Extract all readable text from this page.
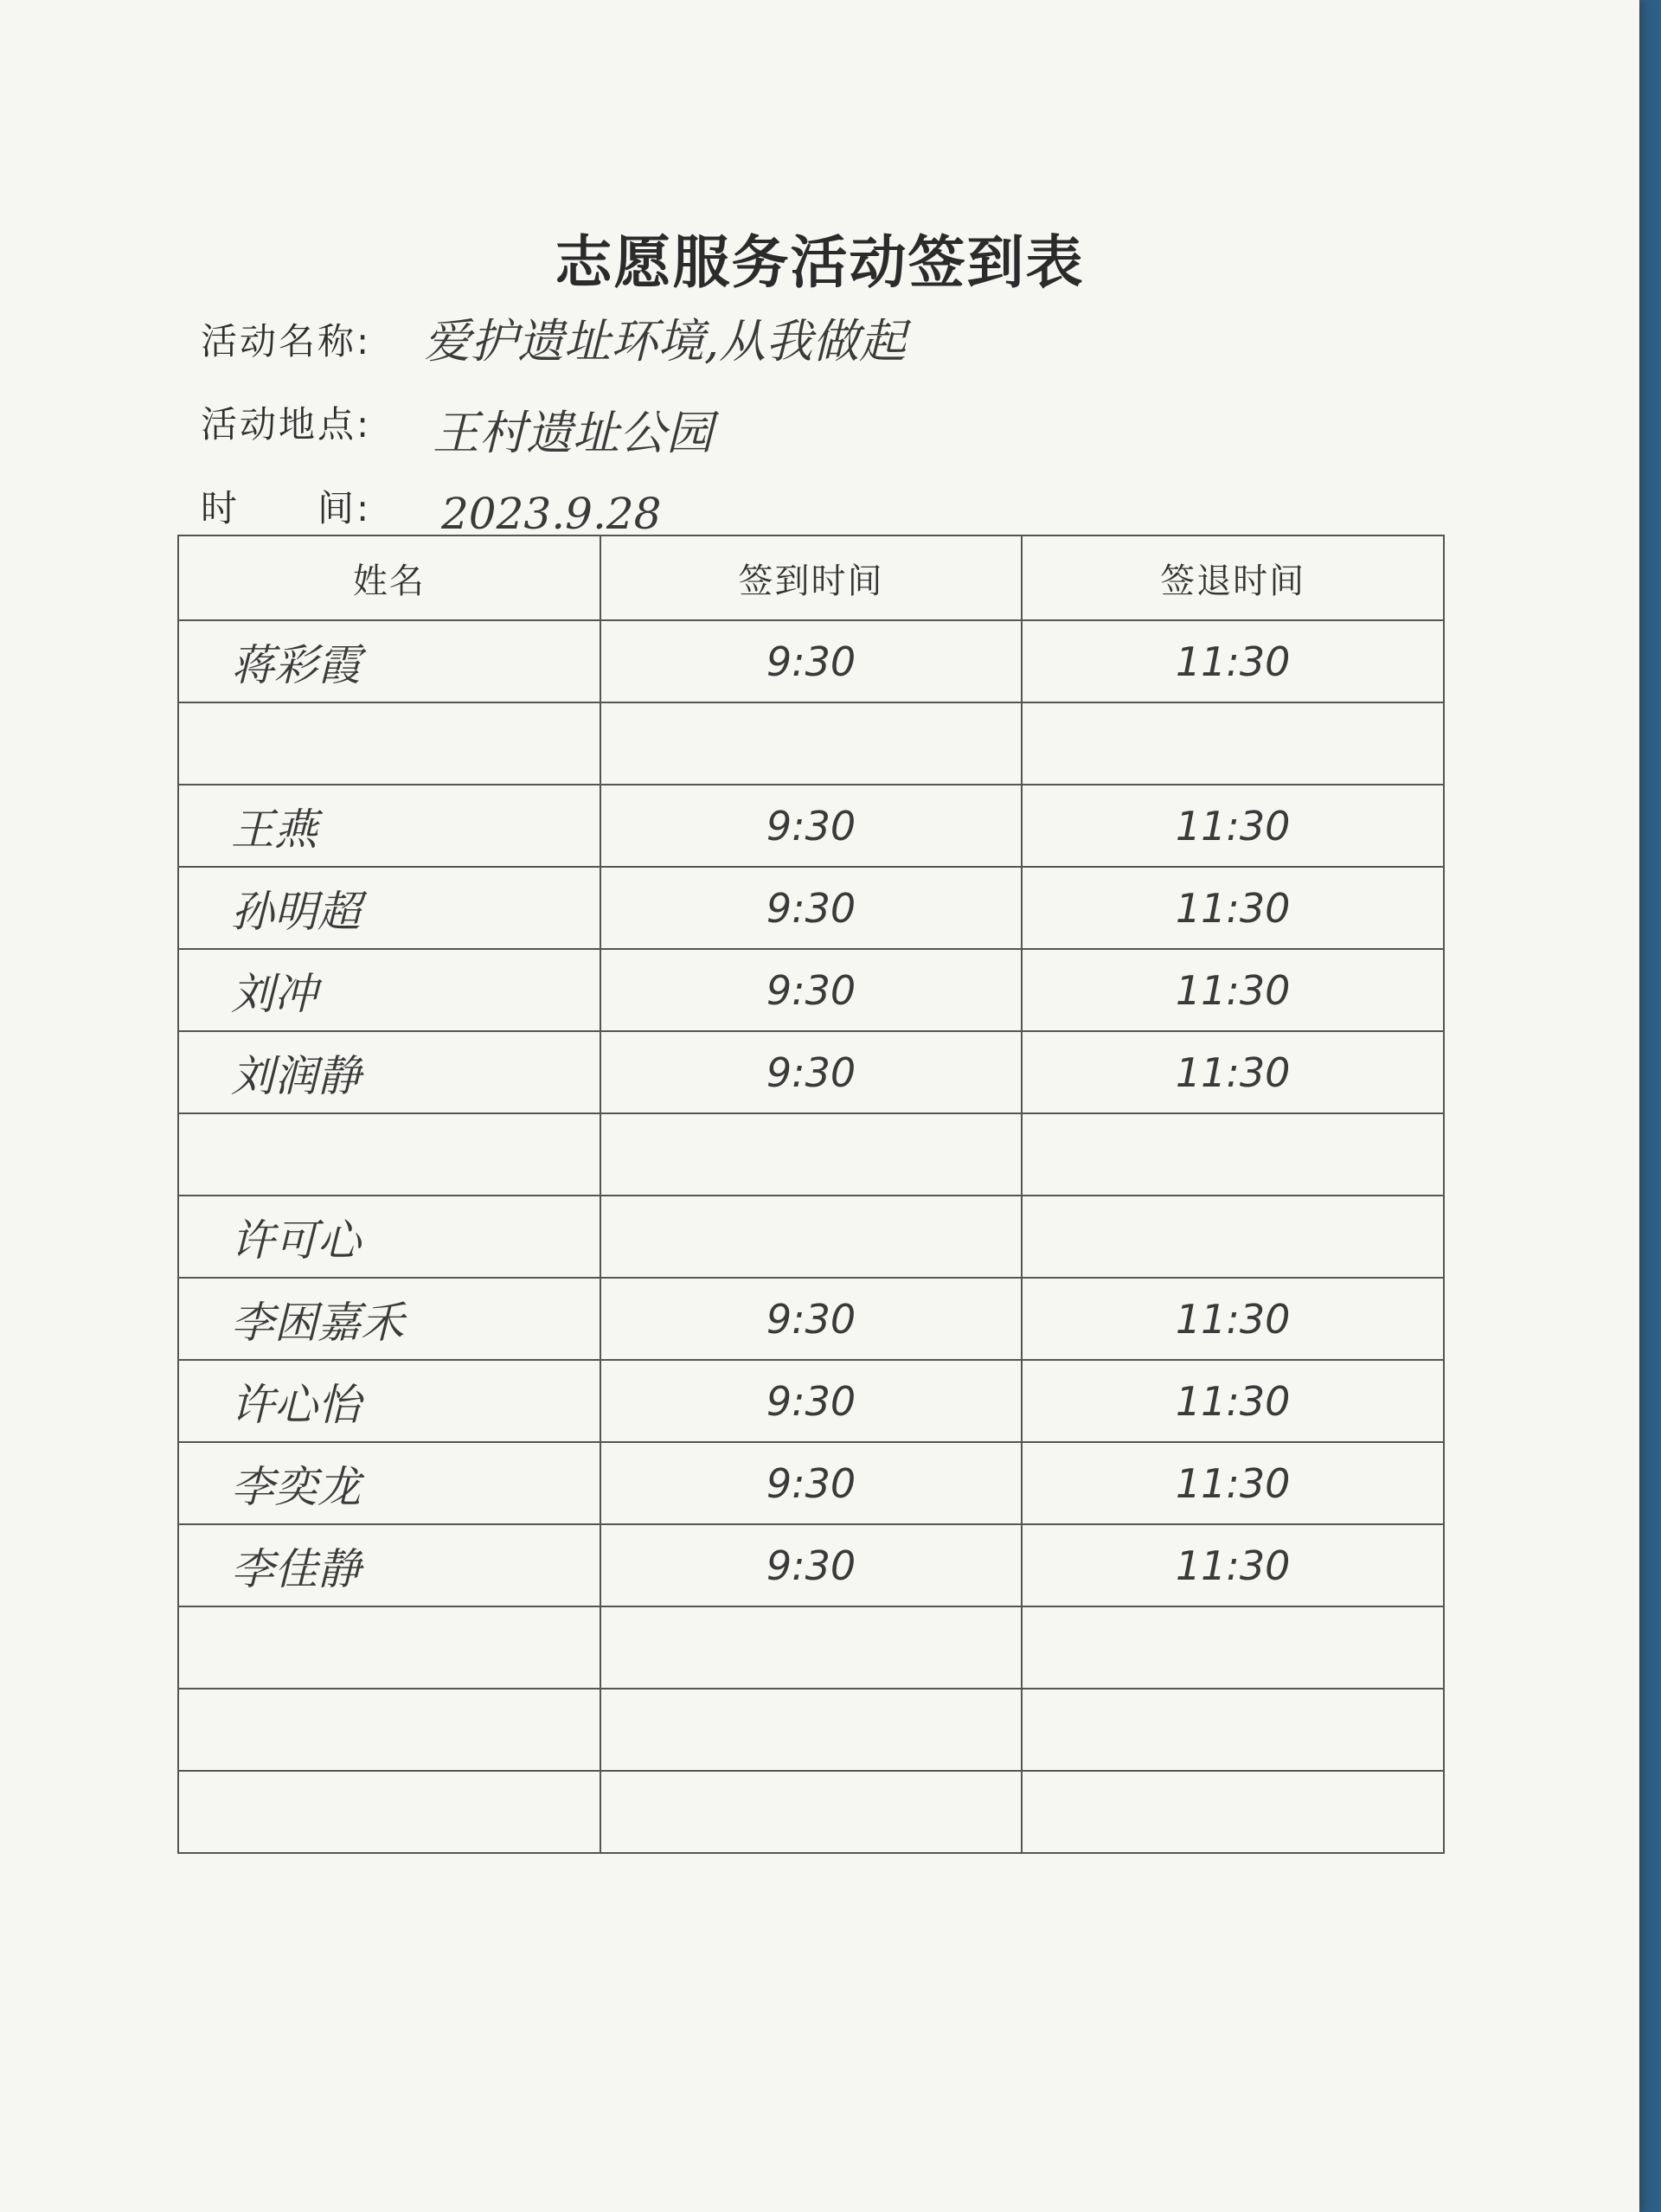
志愿服务活动签到表
活动名称: 爱护遗址环境,从我做起
活动地点: 王村遗址公园
时　　间: 2023.9.28
姓名	签到时间	签退时间
蒋彩霞	9:30	11:30

王燕	9:30	11:30
孙明超	9:30	11:30
刘冲	9:30	11:30
刘润静	9:30	11:30

许可心		
李困嘉禾	9:30	11:30
许心怡	9:30	11:30
李奕龙	9:30	11:30
李佳静	9:30	11:30
